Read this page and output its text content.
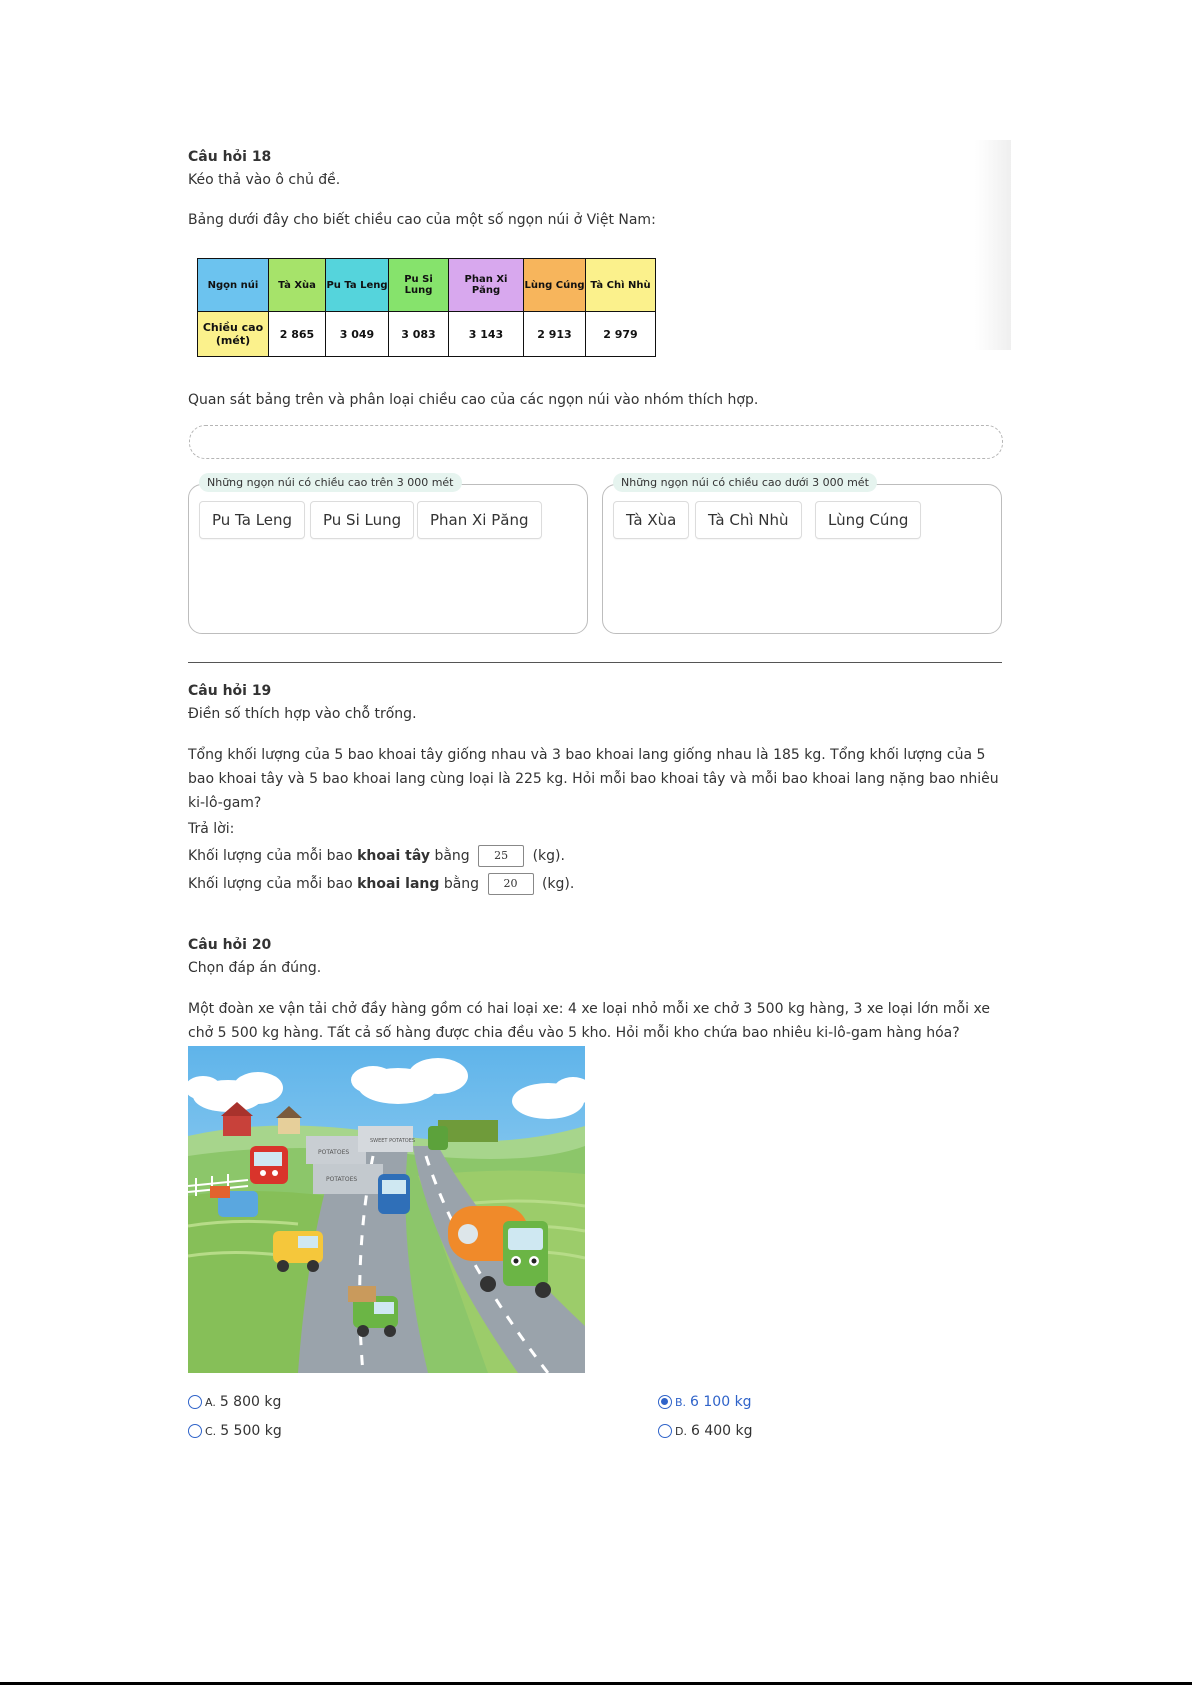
Câu hỏi 18
Kéo thả vào ô chủ đề.
Bảng dưới đây cho biết chiều cao của một số ngọn núi ở Việt Nam:
Ngọn núi	Tà Xùa	Pu Ta Leng	Pu Si Lung	Phan Xi Păng	Lùng Cúng	Tà Chì Nhù
Chiều cao (mét)	2 865	3 049	3 083	3 143	2 913	2 979
Quan sát bảng trên và phân loại chiều cao của các ngọn núi vào nhóm thích hợp.
Những ngọn núi có chiều cao trên 3 000 mét
Pu Ta Leng	Pu Si Lung	Phan Xi Păng
Những ngọn núi có chiều cao dưới 3 000 mét
Tà Xùa	Tà Chì Nhù	Lùng Cúng
Câu hỏi 19
Điền số thích hợp vào chỗ trống.
Tổng khối lượng của 5 bao khoai tây giống nhau và 3 bao khoai lang giống nhau là 185 kg. Tổng khối lượng của 5
bao khoai tây và 5 bao khoai lang cùng loại là 225 kg. Hỏi mỗi bao khoai tây và mỗi bao khoai lang nặng bao nhiêu
ki-lô-gam?
Trả lời:
Khối lượng của mỗi bao khoai tây bằng 25 (kg).
Khối lượng của mỗi bao khoai lang bằng 20 (kg).
Câu hỏi 20
Chọn đáp án đúng.
Một đoàn xe vận tải chở đầy hàng gồm có hai loại xe: 4 xe loại nhỏ mỗi xe chở 3 500 kg hàng, 3 xe loại lớn mỗi xe
chở 5 500 kg hàng. Tất cả số hàng được chia đều vào 5 kho. Hỏi mỗi kho chứa bao nhiêu ki-lô-gam hàng hóa?
POTATOES
SWEET POTATOES
POTATOES
A. 5 800 kg	B. 6 100 kg
C. 5 500 kg	D. 6 400 kg
